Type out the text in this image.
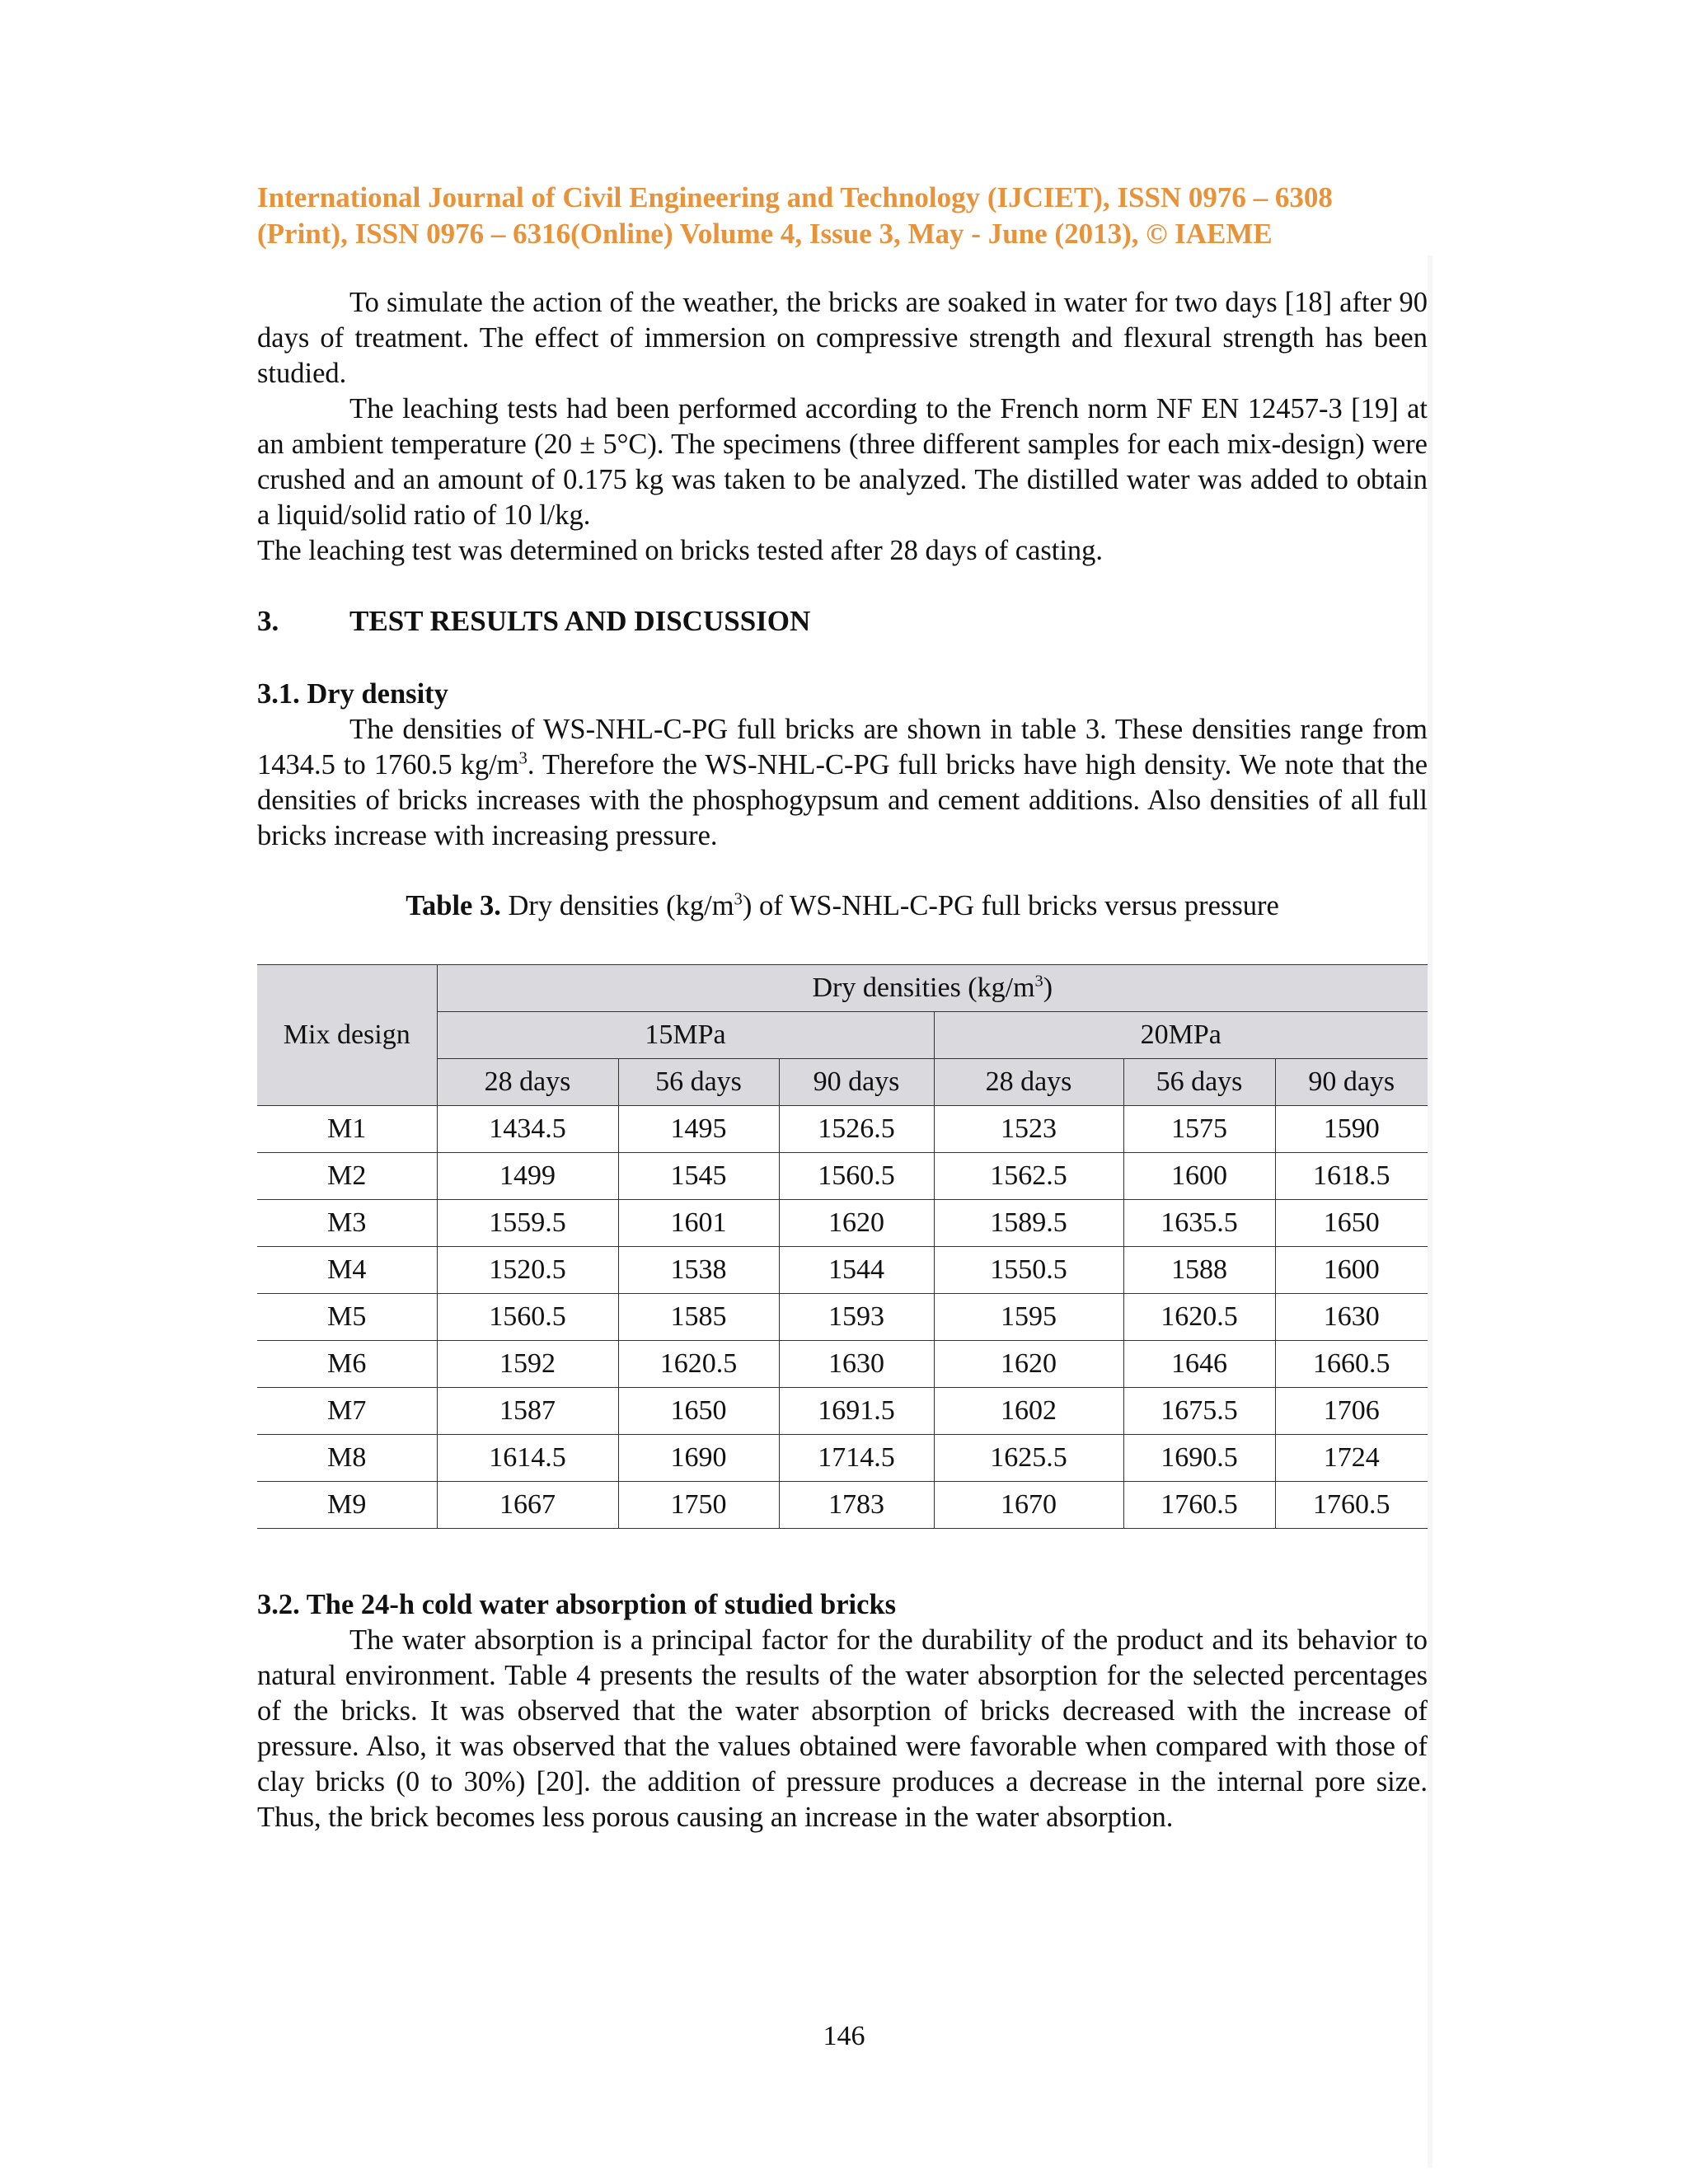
International Journal of Civil Engineering and Technology (IJCIET), ISSN 0976 – 6308
(Print), ISSN 0976 – 6316(Online) Volume 4, Issue 3, May - June (2013), © IAEME

To simulate the action of the weather, the bricks are soaked in water for two days [18] after 90 days of treatment. The effect of immersion on compressive strength and flexural strength has been studied.

The leaching tests had been performed according to the French norm NF EN 12457-3 [19] at an ambient temperature (20 ± 5°C). The specimens (three different samples for each mix-design) were crushed and an amount of 0.175 kg was taken to be analyzed. The distilled water was added to obtain a liquid/solid ratio of 10 l/kg.

The leaching test was determined on bricks tested after 28 days of casting.

3. TEST RESULTS AND DISCUSSION

3.1. Dry density

The densities of WS-NHL-C-PG full bricks are shown in table 3. These densities range from 1434.5 to 1760.5 $kg/m^3$. Therefore the WS-NHL-C-PG full bricks have high density. We note that the densities of bricks increases with the phosphogypsum and cement additions. Also densities of all full bricks increase with increasing pressure.

Table 3. Dry densities $(kg/m^3)$ of WS-NHL-C-PG full bricks versus pressure
Mix design	Dry densities $(kg/m^3)$					
	15MPa			20MPa		
	28 days	56 days	90 days	28 days	56 days	90 days
M1	1434.5	1495	1526.5	1523	1575	1590
M2	1499	1545	1560.5	1562.5	1600	1618.5
M3	1559.5	1601	1620	1589.5	1635.5	1650
M4	1520.5	1538	1544	1550.5	1588	1600
M5	1560.5	1585	1593	1595	1620.5	1630
M6	1592	1620.5	1630	1620	1646	1660.5
M7	1587	1650	1691.5	1602	1675.5	1706
M8	1614.5	1690	1714.5	1625.5	1690.5	1724
M9	1667	1750	1783	1670	1760.5	1760.5

3.2. The 24-h cold water absorption of studied bricks

The water absorption is a principal factor for the durability of the product and its behavior to natural environment. Table 4 presents the results of the water absorption for the selected percentages of the bricks. It was observed that the water absorption of bricks decreased with the increase of pressure. Also, it was observed that the values obtained were favorable when compared with those of clay bricks (0 to 30%) [20]. the addition of pressure produces a decrease in the internal pore size. Thus, the brick becomes less porous causing an increase in the water absorption.

146
